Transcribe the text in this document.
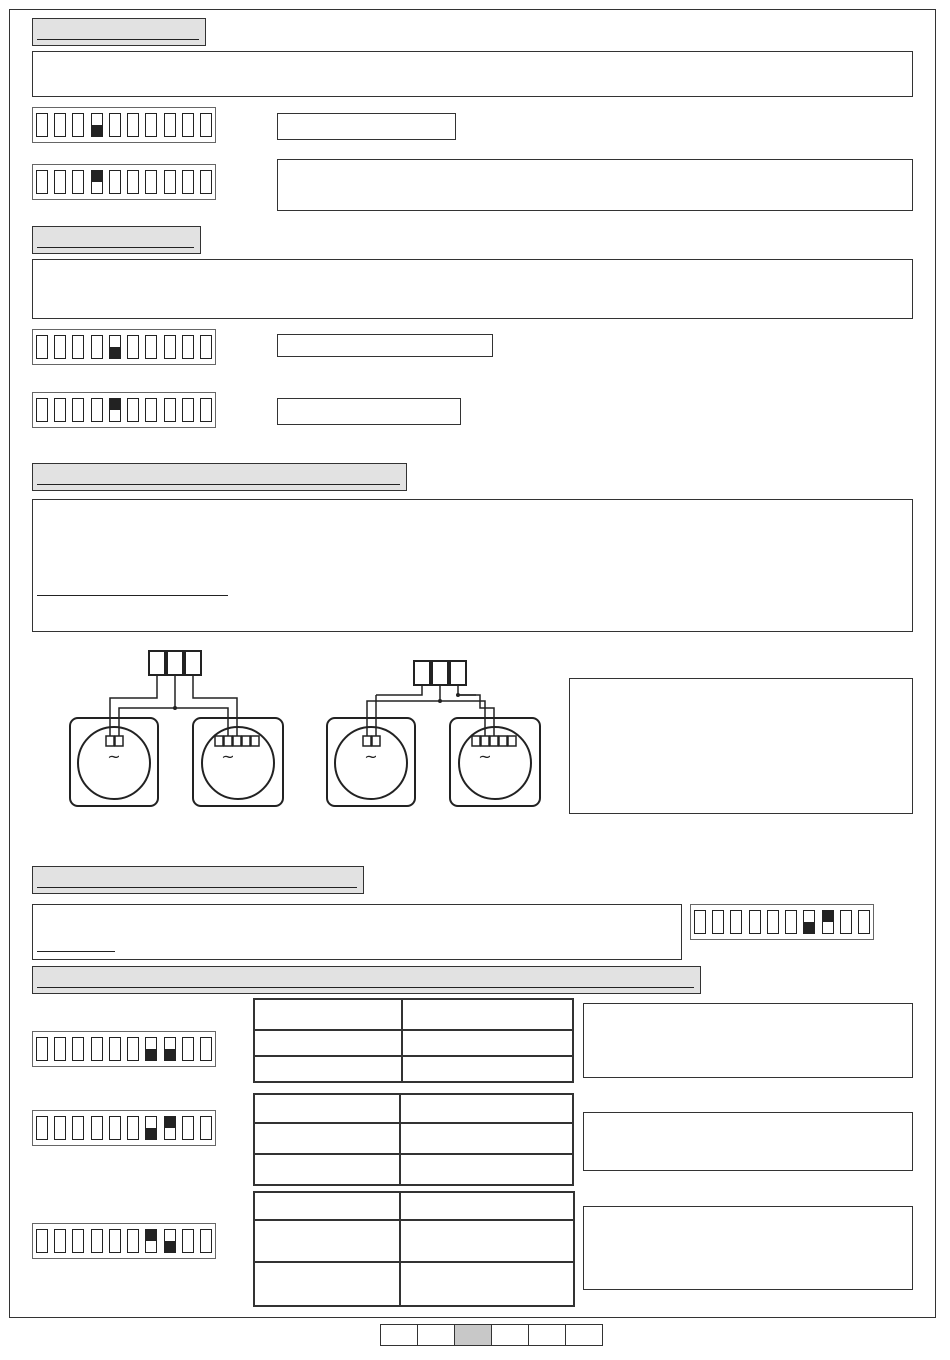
~	~	~	~
